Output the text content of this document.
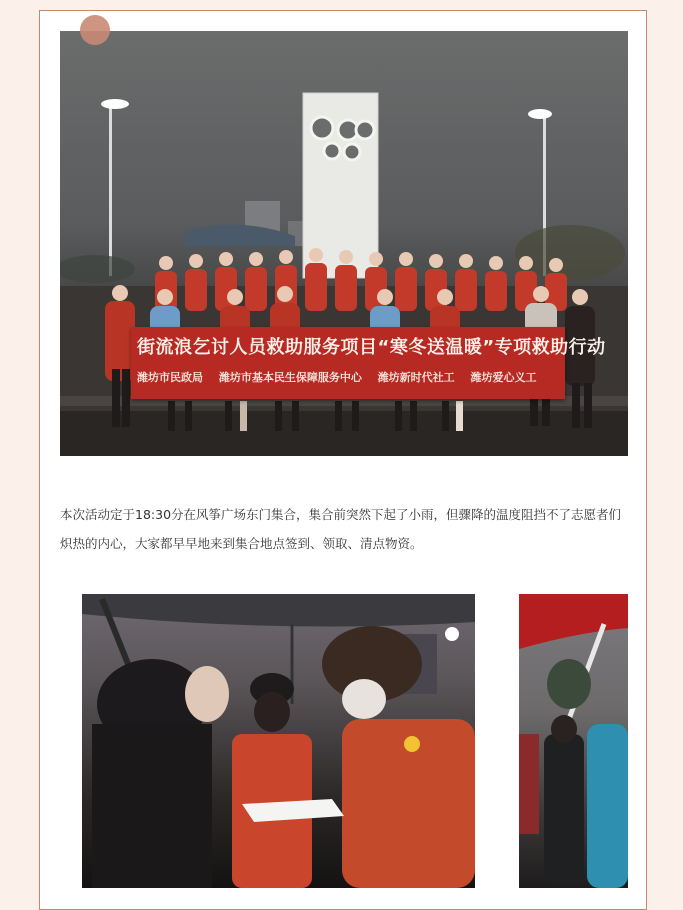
街流浪乞讨人员救助服务项目“寒冬送温暖”专项救助行动
潍坊市民政局 潍坊市基本民生保障服务中心 潍坊新时代社工 潍坊爱心义工
本次活动定于18:30分在风筝广场东门集合，集合前突然下起了小雨，但骤降的温度阻挡不了志愿者们炽热的内心，大家都早早地来到集合地点签到、领取、清点物资。
